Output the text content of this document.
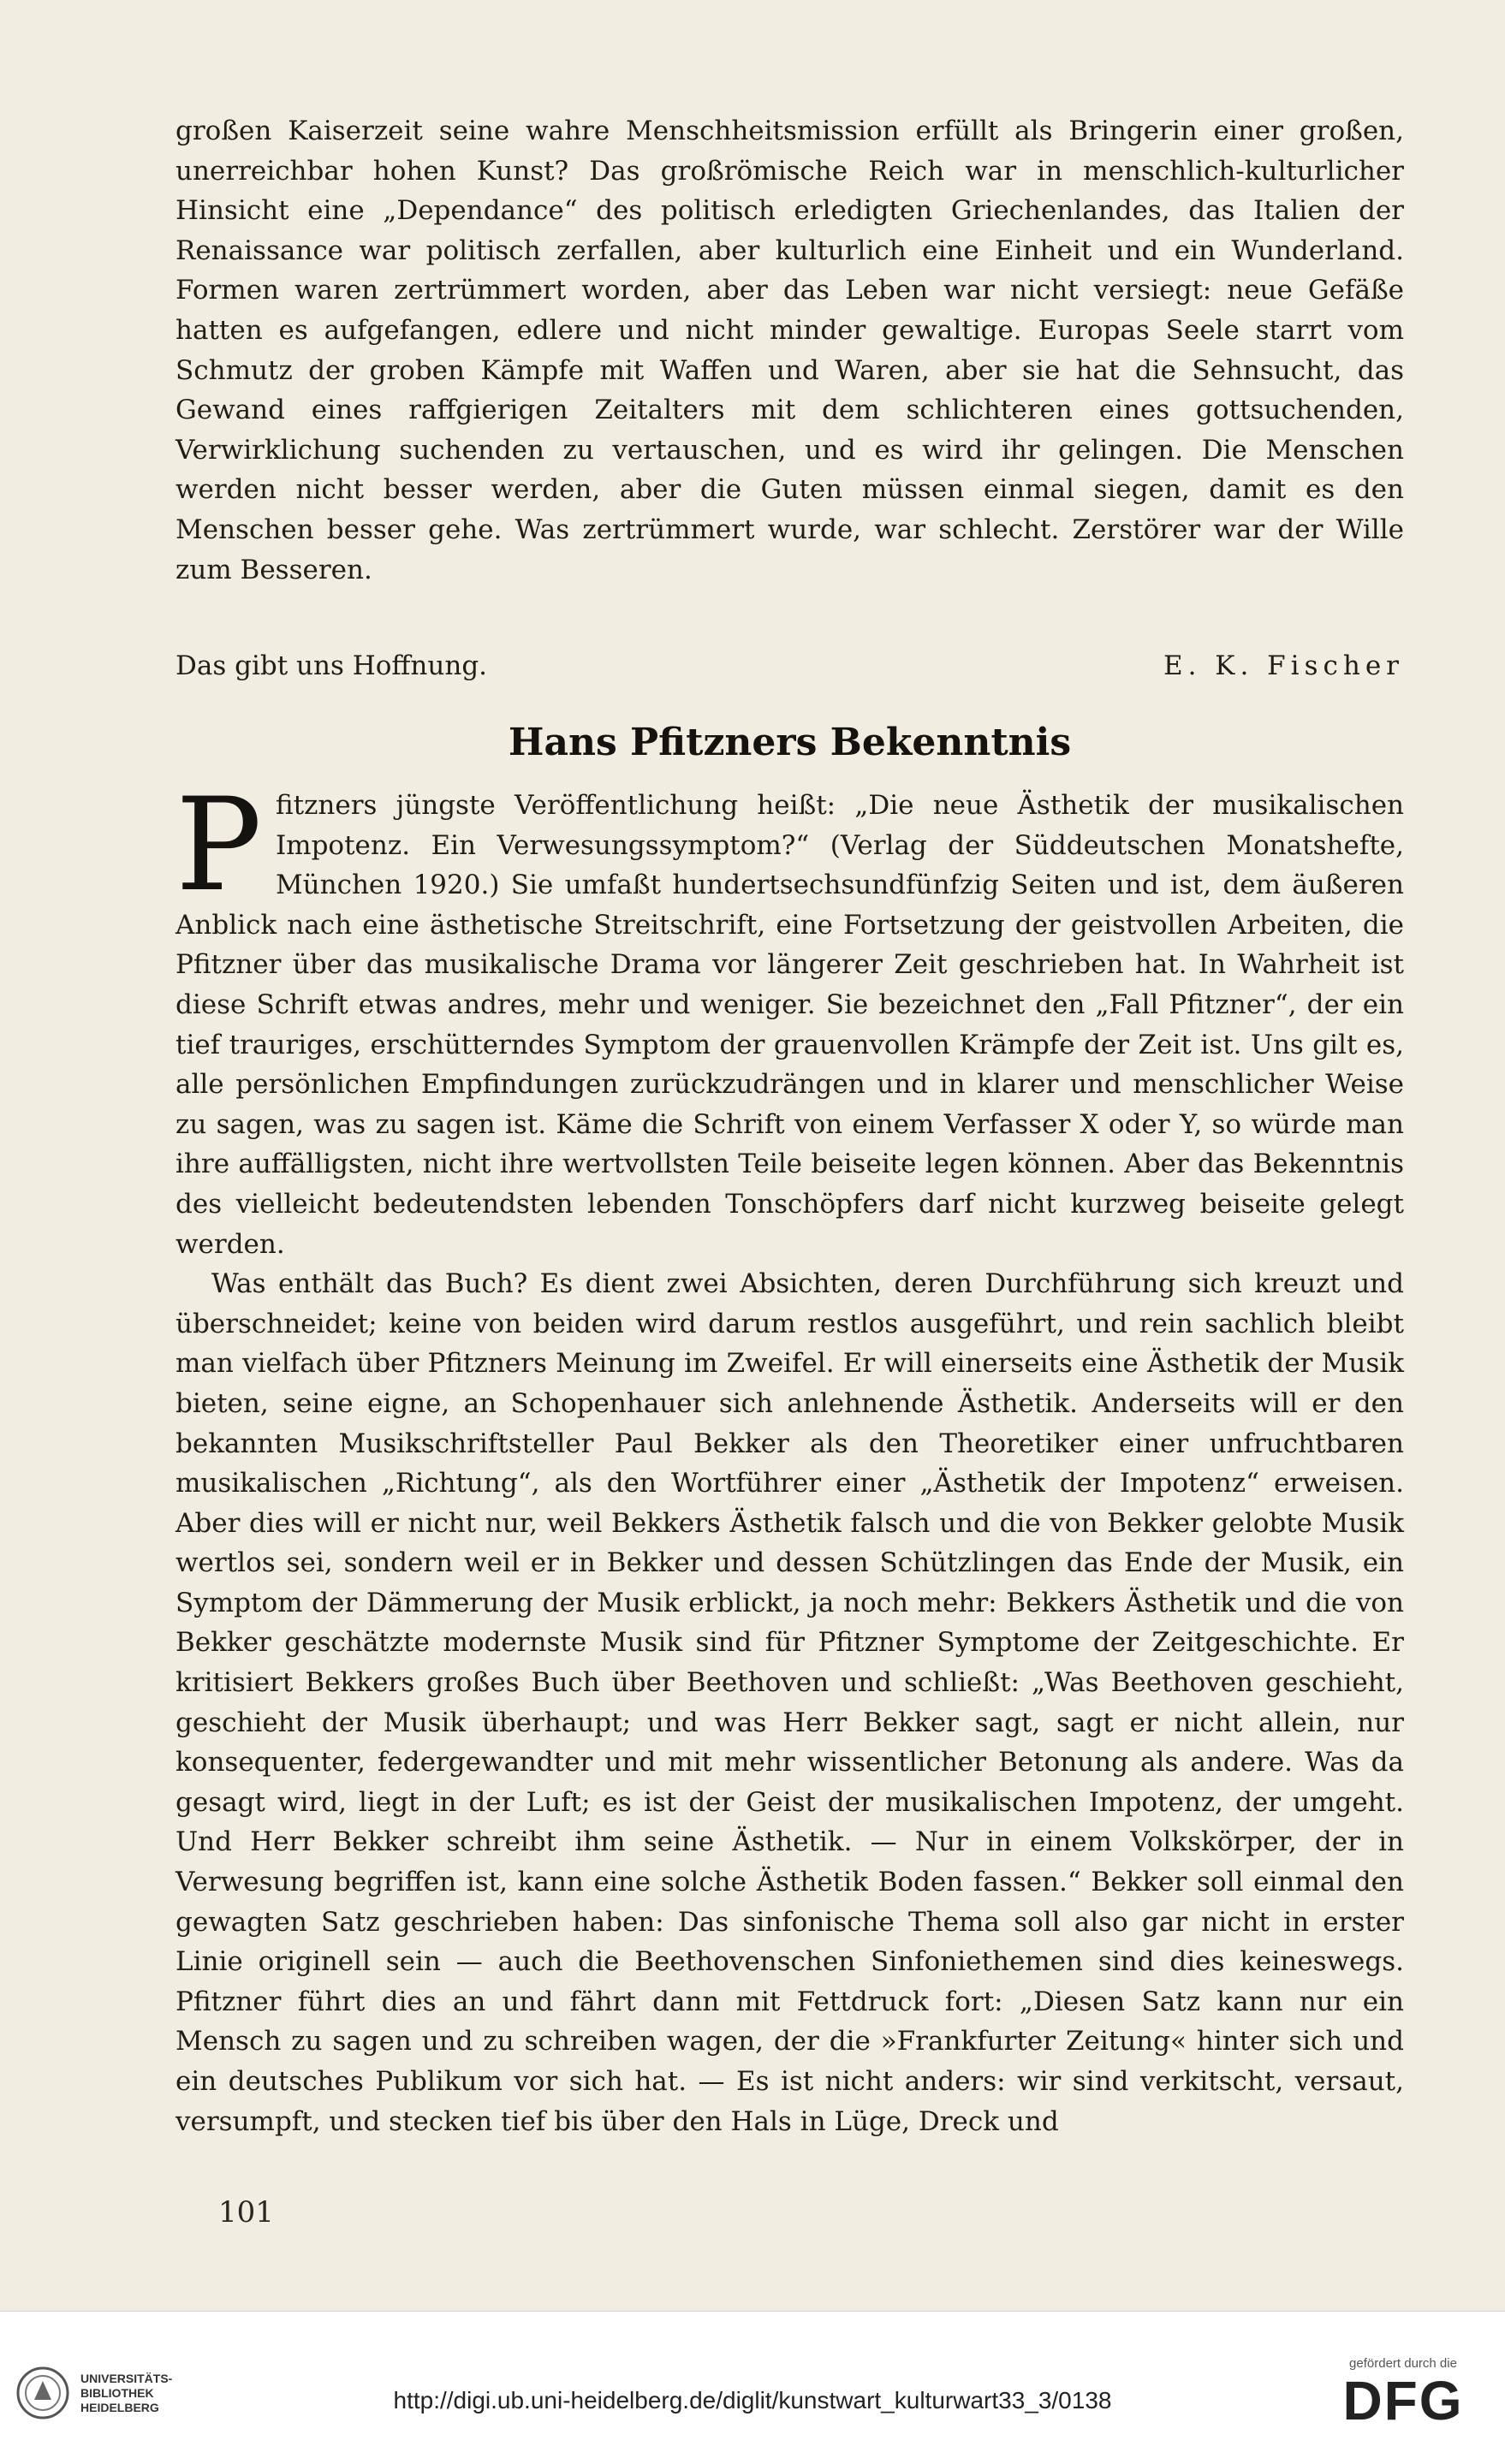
großen Kaiserzeit seine wahre Menschheitsmission erfüllt als Bringerin einer großen, unerreichbar hohen Kunst? Das großrömische Reich war in menschlich-kulturlicher Hinsicht eine „Dependance“ des politisch erledigten Griechenlandes, das Italien der Renaissance war politisch zerfallen, aber kulturlich eine Einheit und ein Wunderland. Formen waren zertrümmert worden, aber das Leben war nicht versiegt: neue Gefäße hatten es aufgefangen, edlere und nicht minder gewaltige. Europas Seele starrt vom Schmutz der groben Kämpfe mit Waffen und Waren, aber sie hat die Sehnsucht, das Gewand eines raffgierigen Zeitalters mit dem schlichteren eines gottsuchenden, Verwirklichung suchenden zu vertauschen, und es wird ihr gelingen. Die Menschen werden nicht besser werden, aber die Guten müssen einmal siegen, damit es den Menschen besser gehe. Was zertrümmert wurde, war schlecht. Zerstörer war der Wille zum Besseren.

Das gibt uns Hoffnung.	E. K. Fischer
Hans Pfitzners Bekenntnis

Pfitzners jüngste Veröffentlichung heißt: „Die neue Ästhetik der musikalischen Impotenz. Ein Verwesungssymptom?“ (Verlag der Süddeutschen Monatshefte, München 1920.) Sie umfaßt hundertsechsundfünfzig Seiten und ist, dem äußeren Anblick nach eine ästhetische Streitschrift, eine Fortsetzung der geistvollen Arbeiten, die Pfitzner über das musikalische Drama vor längerer Zeit geschrieben hat. In Wahrheit ist diese Schrift etwas andres, mehr und weniger. Sie bezeichnet den „Fall Pfitzner“, der ein tief trauriges, erschütterndes Symptom der grauenvollen Krämpfe der Zeit ist. Uns gilt es, alle persönlichen Empfindungen zurückzudrängen und in klarer und menschlicher Weise zu sagen, was zu sagen ist. Käme die Schrift von einem Verfasser X oder Y, so würde man ihre auffälligsten, nicht ihre wertvollsten Teile beiseite legen können. Aber das Bekenntnis des vielleicht bedeutendsten lebenden Tonschöpfers darf nicht kurzweg beiseite gelegt werden.

Was enthält das Buch? Es dient zwei Absichten, deren Durchführung sich kreuzt und überschneidet; keine von beiden wird darum restlos ausgeführt, und rein sachlich bleibt man vielfach über Pfitzners Meinung im Zweifel. Er will einerseits eine Ästhetik der Musik bieten, seine eigne, an Schopenhauer sich anlehnende Ästhetik. Anderseits will er den bekannten Musikschriftsteller Paul Bekker als den Theoretiker einer unfruchtbaren musikalischen „Richtung“, als den Wortführer einer „Ästhetik der Impotenz“ erweisen. Aber dies will er nicht nur, weil Bekkers Ästhetik falsch und die von Bekker gelobte Musik wertlos sei, sondern weil er in Bekker und dessen Schützlingen das Ende der Musik, ein Symptom der Dämmerung der Musik erblickt, ja noch mehr: Bekkers Ästhetik und die von Bekker geschätzte modernste Musik sind für Pfitzner Symptome der Zeitgeschichte. Er kritisiert Bekkers großes Buch über Beethoven und schließt: „Was Beethoven geschieht, geschieht der Musik überhaupt; und was Herr Bekker sagt, sagt er nicht allein, nur konsequenter, federgewandter und mit mehr wissentlicher Betonung als andere. Was da gesagt wird, liegt in der Luft; es ist der Geist der musikalischen Impotenz, der umgeht. Und Herr Bekker schreibt ihm seine Ästhetik. — Nur in einem Volkskörper, der in Verwesung begriffen ist, kann eine solche Ästhetik Boden fassen.“ Bekker soll einmal den gewagten Satz geschrieben haben: Das sinfonische Thema soll also gar nicht in erster Linie originell sein — auch die Beethovenschen Sinfoniethemen sind dies keineswegs. Pfitzner führt dies an und fährt dann mit Fettdruck fort: „Diesen Satz kann nur ein Mensch zu sagen und zu schreiben wagen, der die »Frankfurter Zeitung« hinter sich und ein deutsches Publikum vor sich hat. — Es ist nicht anders: wir sind verkitscht, versaut, versumpft, und stecken tief bis über den Hals in Lüge, Dreck und

101
UNIVERSITÄTS-
BIBLIOTHEK
HEIDELBERG	http://digi.ub.uni-heidelberg.de/diglit/kunstwart_kulturwart33_3/0138
gefördert durch die
DFG
